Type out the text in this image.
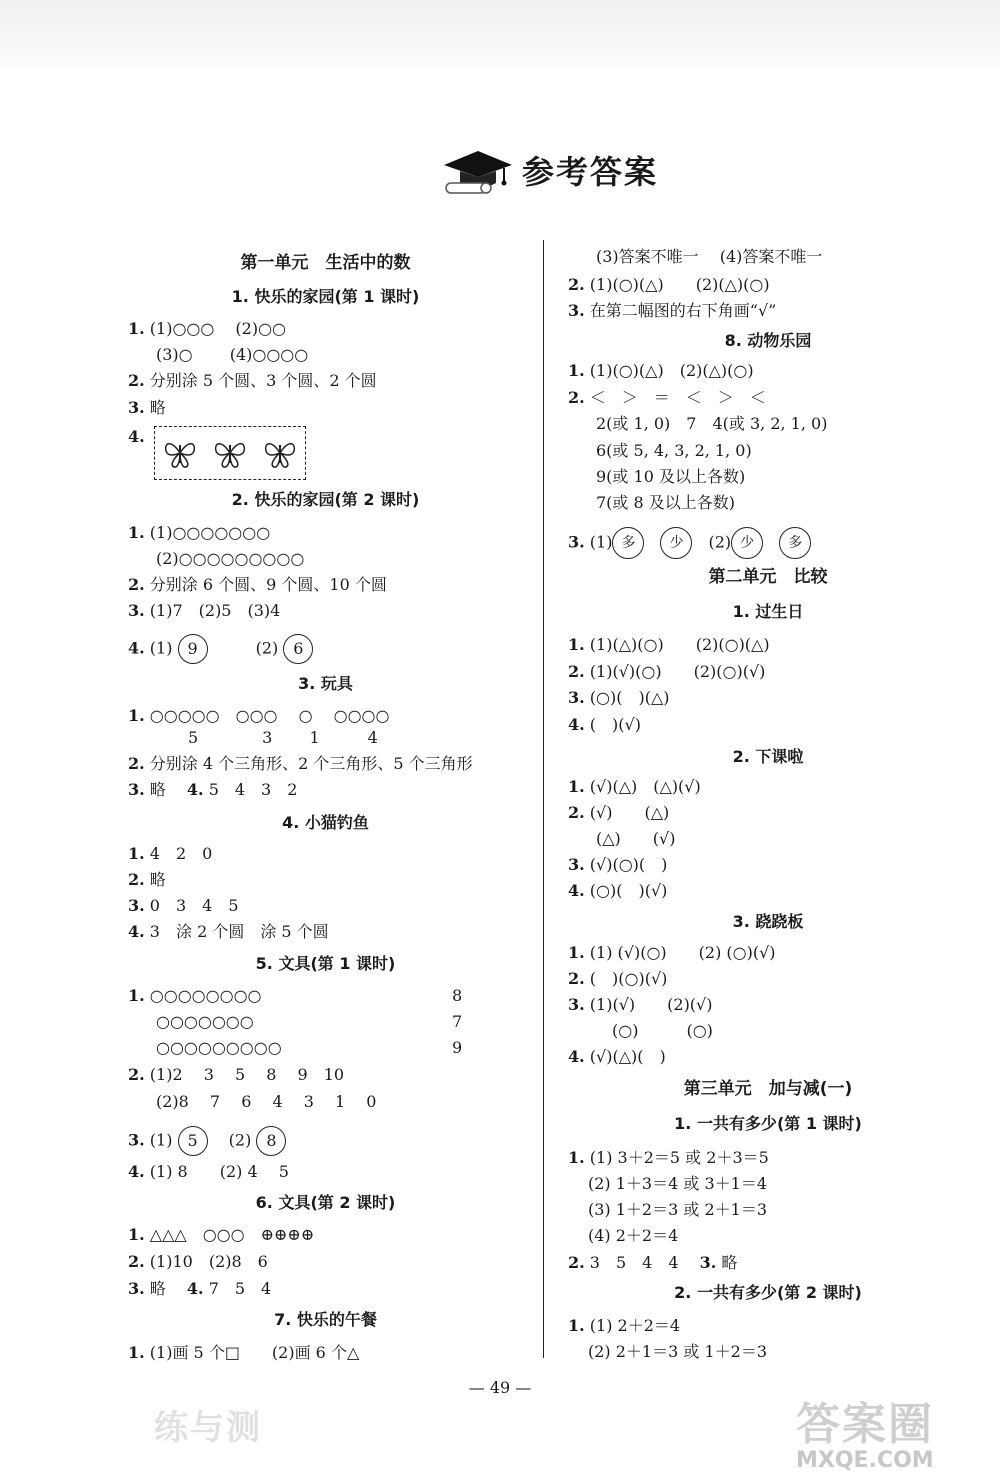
参考答案
第一单元　生活中的数
1. 快乐的家园(第 1 课时)
1. (1)○○○　 (2)○○
(3)○　　 (4)○○○○
2. 分别涂 5 个圆、3 个圆、2 个圆
3. 略
4.
2. 快乐的家园(第 2 课时)
1. (1)○○○○○○○
(2)○○○○○○○○○
2. 分别涂 6 个圆、9 个圆、10 个圆
3. (1)7　(2)5　(3)4
4. (1) 9　　　	(2) 6
3. 玩具
1. ○○○○○　○○○　 ○　 ○○○○
　　5　　　　3　　 1　　　4
2. 分别涂 4 个三角形、2 个三角形、5 个三角形
3. 略　 4. 5　4　3　2
4. 小猫钓鱼
1. 4　2　0
2. 略
3. 0　3　4　5
4. 3　涂 2 个圆　涂 5 个圆
5. 文具(第 1 课时)
1. ○○○○○○○○	8
○○○○○○○	7
○○○○○○○○○	9
2. (1)2　 3　 5　 8　 9　10
(2)8　 7　 6　 4　 3　 1　 0
3. (1) 5　 (2) 8
4. (1) 8　　(2) 4　 5
6. 文具(第 2 课时)
1. △△△　○○○　⊕⊕⊕⊕
2. (1)10　(2)8　6
3. 略　 4. 7　5　4
7. 快乐的午餐
1. (1)画 5 个□　　(2)画 6 个△
(3)答案不唯一　 (4)答案不唯一
2. (1)(○)(△)　　(2)(△)(○)
3. 在第二幅图的右下角画“√”
8. 动物乐园
1. (1)(○)(△)　(2)(△)(○)
2. ＜　＞　＝　＜　＞　＜
2(或 1, 0)　7　4(或 3, 2, 1, 0)
6(或 5, 4, 3, 2, 1, 0)
9(或 10 及以上各数)
7(或 8 及以上各数)
3. (1) 多　 少　 (2) 少　 多
第二单元　比较
1. 过生日
1. (1)(△)(○)　　(2)(○)(△)
2. (1)(√)(○)　　(2)(○)(√)
3. (○)(　)(△)
4. (　)(√)
2. 下课啦
1. (√)(△)　(△)(√)
2. (√)　　(△)
(△)　　(√)
3. (√)(○)(　)
4. (○)(　)(√)
3. 跷跷板
1. (1) (√)(○)　　(2) (○)(√)
2. (　)(○)(√)
3. (1)(√)　　(2)(√)
　(○)　　　(○)
4. (√)(△)(　)
第三单元　加与减(一)
1. 一共有多少(第 1 课时)
1. (1) 3＋2＝5 或 2＋3＝5
(2) 1＋3＝4 或 3＋1＝4
(3) 1＋2＝3 或 2＋1＝3
(4) 2＋2＝4
2. 3　5　4　4　 3. 略
2. 一共有多少(第 2 课时)
1. (1) 2＋2＝4
(2) 2＋1＝3 或 1＋2＝3
— 49 —
练与测	答案圈
MXQE.COM
